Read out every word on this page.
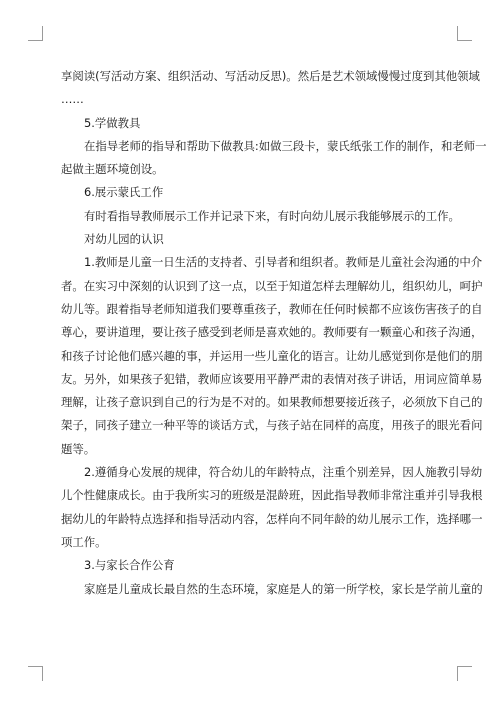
享阅读(写活动方案、组织活动、写活动反思)。然后是艺术领域慢慢过度到其他领域
……
5.学做教具
在指导老师的指导和帮助下做教具:如做三段卡，蒙氏纸张工作的制作，和老师一
起做主题环境创设。
6.展示蒙氏工作
有时看指导教师展示工作并记录下来，有时向幼儿展示我能够展示的工作。
对幼儿园的认识
1.教师是儿童一日生活的支持者、引导者和组织者。教师是儿童社会沟通的中介
者。在实习中深刻的认识到了这一点，以至于知道怎样去理解幼儿，组织幼儿，呵护
幼儿等。跟着指导老师知道我们要尊重孩子，教师在任何时候都不应该伤害孩子的自
尊心，要讲道理，要让孩子感受到老师是喜欢她的。教师要有一颗童心和孩子沟通，
和孩子讨论他们感兴趣的事，并运用一些儿童化的语言。让幼儿感觉到你是他们的朋
友。另外，如果孩子犯错，教师应该要用平静严肃的表情对孩子讲话，用词应简单易
理解，让孩子意识到自己的行为是不对的。如果教师想要接近孩子，必须放下自己的
架子，同孩子建立一种平等的谈话方式，与孩子站在同样的高度，用孩子的眼光看问
题等。
2.遵循身心发展的规律，符合幼儿的年龄特点，注重个别差异，因人施教引导幼
儿个性健康成长。由于我所实习的班级是混龄班，因此指导教师非常注重并引导我根
据幼儿的年龄特点选择和指导活动内容，怎样向不同年龄的幼儿展示工作，选择哪一
项工作。
3.与家长合作公育
家庭是儿童成长最自然的生态环境，家庭是人的第一所学校，家长是学前儿童的
